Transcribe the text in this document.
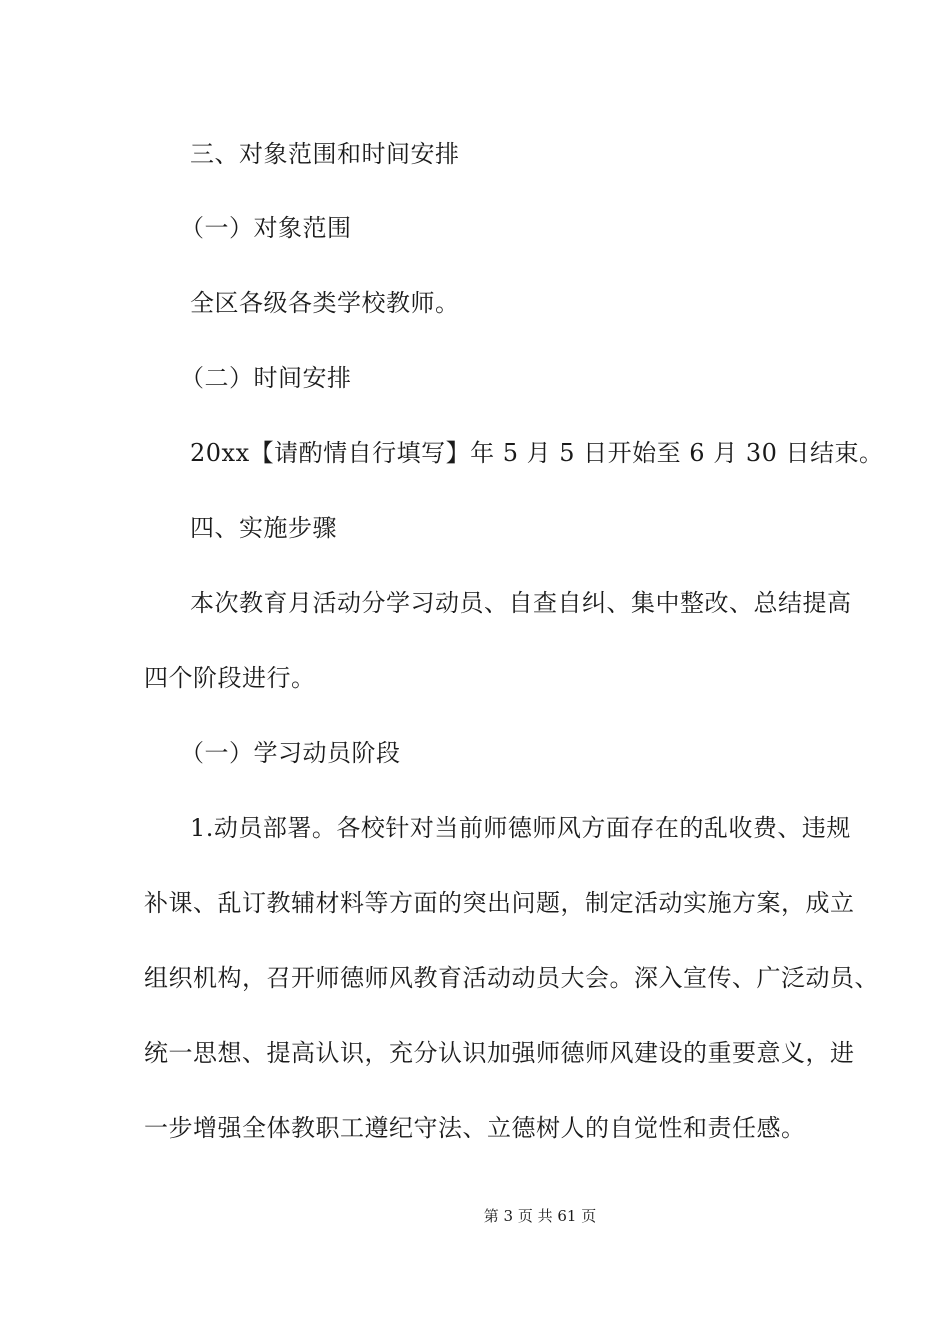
三、对象范围和时间安排
（一）对象范围
全区各级各类学校教师。
（二）时间安排
20xx【请酌情自行填写】年 5 月 5 日开始至 6 月 30 日结束。
四、实施步骤
本次教育月活动分学习动员、自查自纠、集中整改、总结提高
四个阶段进行。
（一）学习动员阶段
1.动员部署。各校针对当前师德师风方面存在的乱收费、违规
补课、乱订教辅材料等方面的突出问题，制定活动实施方案，成立
组织机构，召开师德师风教育活动动员大会。深入宣传、广泛动员、
统一思想、提高认识，充分认识加强师德师风建设的重要意义，进
一步增强全体教职工遵纪守法、立德树人的自觉性和责任感。
第 3 页 共 61 页
